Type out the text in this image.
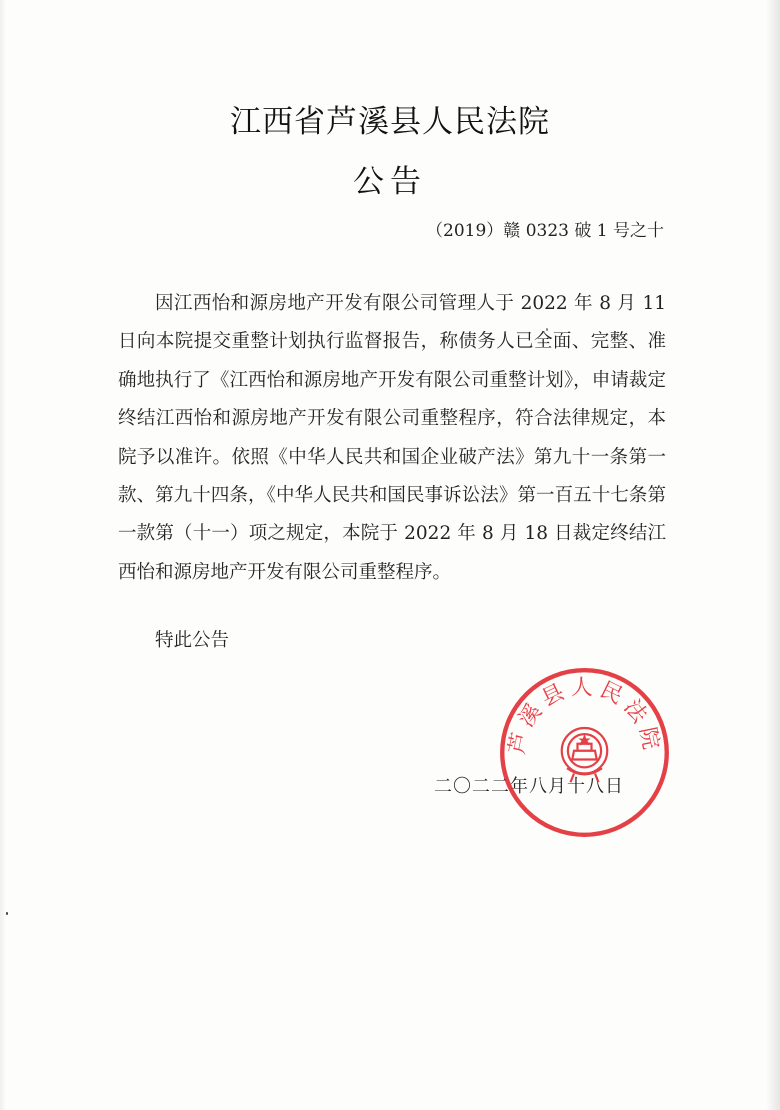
江西省芦溪县人民法院
公告
（2019）赣 0323 破 1 号之十

因江西怡和源房地产开发有限公司管理人于 2022 年 8 月 11 日向本院提交重整计划执行监督报告，称债务人已全面、完整、准确地执行了《江西怡和源房地产开发有限公司重整计划》，申请裁定终结江西怡和源房地产开发有限公司重整程序，符合法律规定，本院予以准许。依照《中华人民共和国企业破产法》第九十一条第一款、第九十四条，《中华人民共和国民事诉讼法》第一百五十七条第一款第（十一）项之规定，本院于 2022 年 8 月 18 日裁定终结江西怡和源房地产开发有限公司重整程序。

特此公告
二〇二二年八月十八日
芦溪县人民法院
